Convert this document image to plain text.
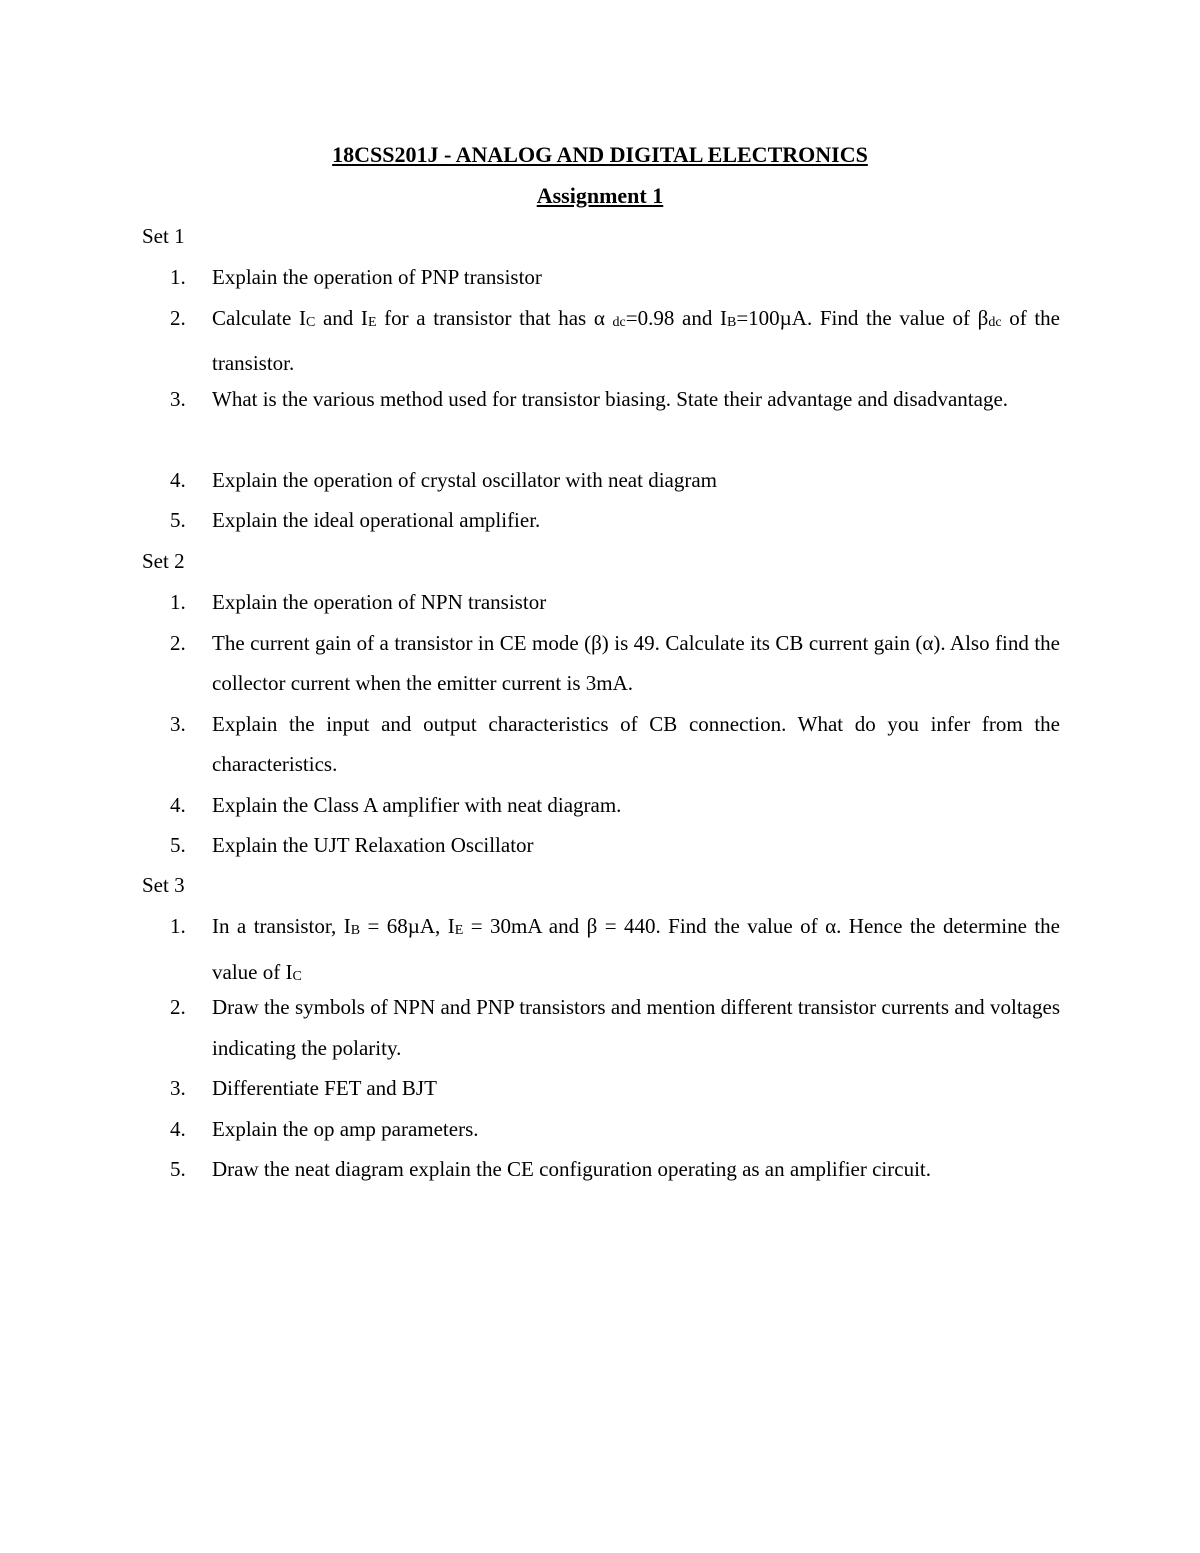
18CSS201J - ANALOG AND DIGITAL ELECTRONICS
Assignment 1
Set 1
1.	Explain the operation of PNP transistor
2.	Calculate $I_C$ and $I_E$ for a transistor that has α $_{dc}$=0.98 and $I_B=100\mu A$. Find the value of $\beta_{dc}$ of the transistor.
3.	What is the various method used for transistor biasing. State their advantage and disadvantage.
4.	Explain the operation of crystal oscillator with neat diagram
5.	Explain the ideal operational amplifier.
Set 2
1.	Explain the operation of NPN transistor
2.	The current gain of a transistor in CE mode (β) is 49. Calculate its CB current gain (α). Also find the collector current when the emitter current is 3mA.
3.	Explain the input and output characteristics of CB connection. What do you infer from the characteristics.
4.	Explain the Class A amplifier with neat diagram.
5.	Explain the UJT Relaxation Oscillator
Set 3
1.	In a transistor, $I_B = 68\mu A$, $I_E = 30mA$ and β = 440. Find the value of α. Hence the determine the value of $I_C$
2.	Draw the symbols of NPN and PNP transistors and mention different transistor currents and voltages indicating the polarity.
3.	Differentiate FET and BJT
4.	Explain the op amp parameters.
5.	Draw the neat diagram explain the CE configuration operating as an amplifier circuit.
